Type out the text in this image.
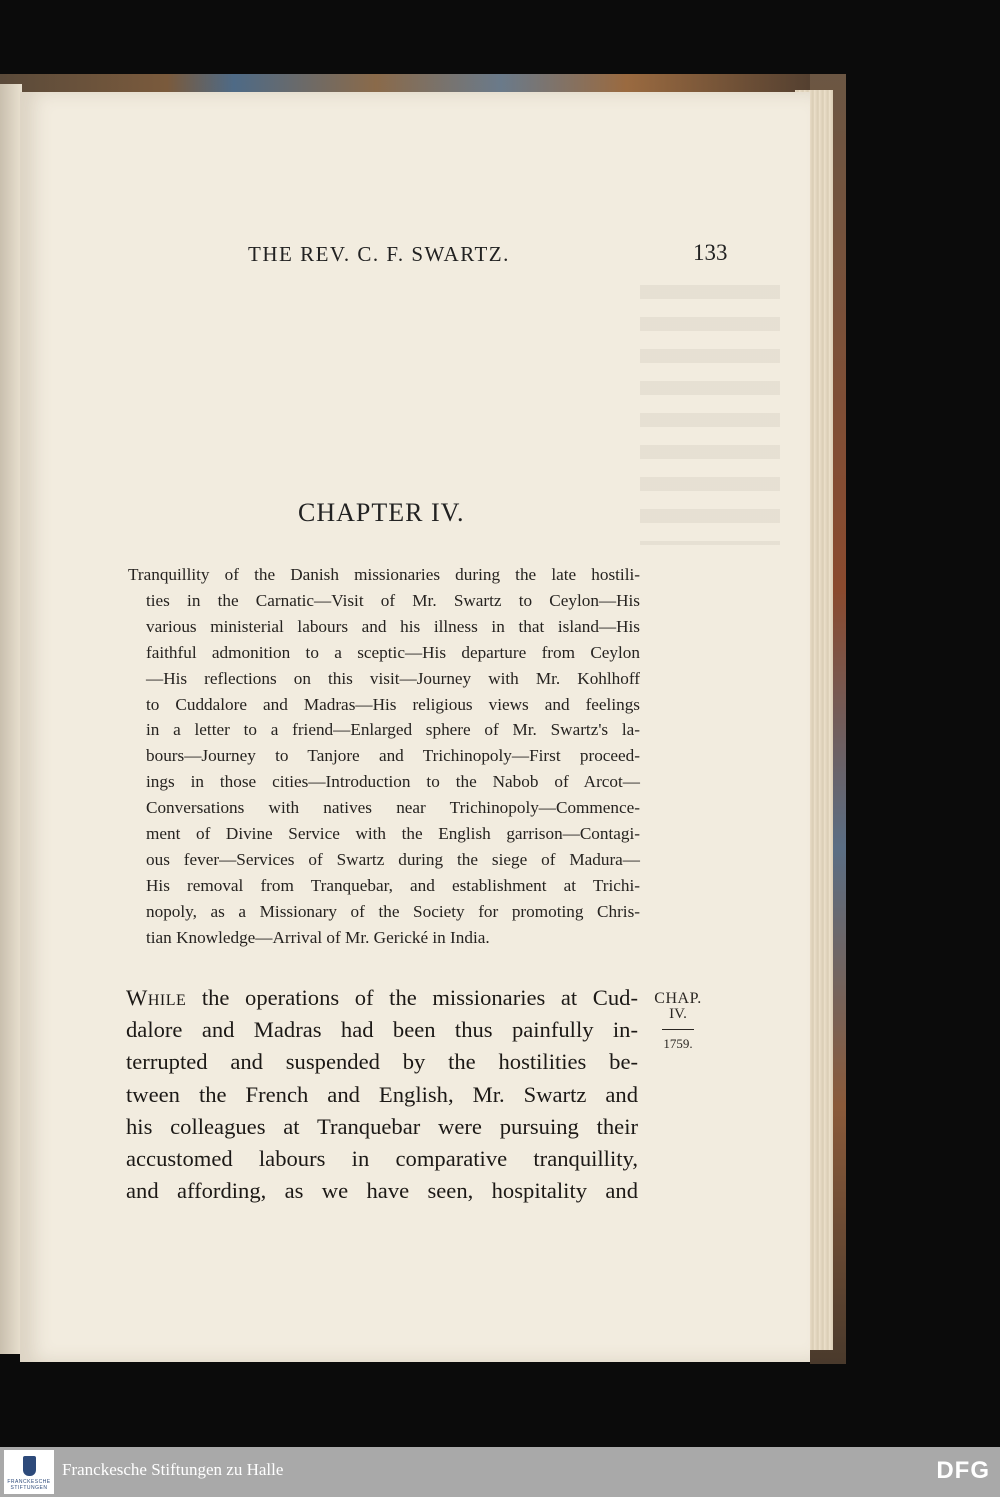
THE REV. C. F. SWARTZ.	133
CHAPTER IV.
Tranquillity of the Danish missionaries during the late hostili-
ties in the Carnatic—Visit of Mr. Swartz to Ceylon—His
various ministerial labours and his illness in that island—His
faithful admonition to a sceptic—His departure from Ceylon
—His reflections on this visit—Journey with Mr. Kohlhoff
to Cuddalore and Madras—His religious views and feelings
in a letter to a friend—Enlarged sphere of Mr. Swartz's la-
bours—Journey to Tanjore and Trichinopoly—First proceed-
ings in those cities—Introduction to the Nabob of Arcot—
Conversations with natives near Trichinopoly—Commence-
ment of Divine Service with the English garrison—Contagi-
ous fever—Services of Swartz during the siege of Madura—
His removal from Tranquebar, and establishment at Trichi-
nopoly, as a Missionary of the Society for promoting Chris-
tian Knowledge—Arrival of Mr. Gerické in India.
While the operations of the missionaries at Cud-
dalore and Madras had been thus painfully in-
terrupted and suspended by the hostilities be-
tween the French and English, Mr. Swartz and
his colleagues at Tranquebar were pursuing their
accustomed labours in comparative tranquillity,
and affording, as we have seen, hospitality and
CHAP.
IV.
1759.
FRANCKESCHE STIFTUNGEN
Franckesche Stiftungen zu Halle	DFG
